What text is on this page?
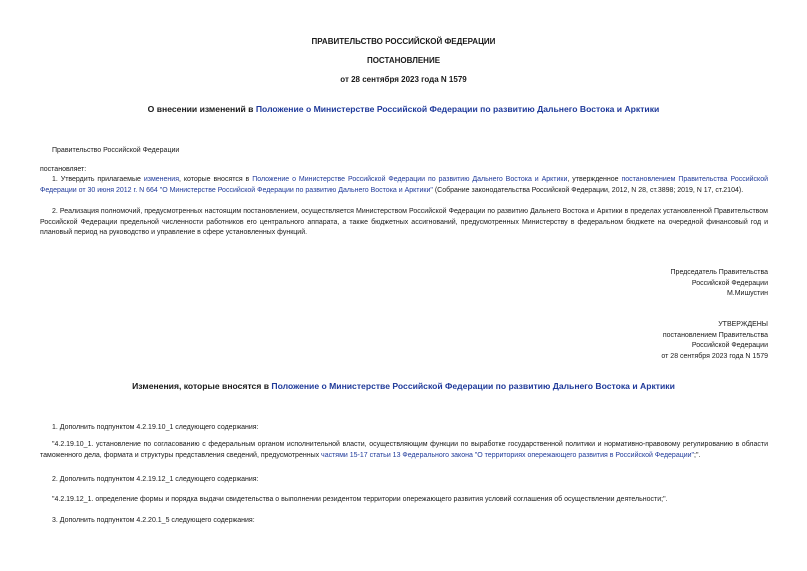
ПРАВИТЕЛЬСТВО РОССИЙСКОЙ ФЕДЕРАЦИИ
ПОСТАНОВЛЕНИЕ
от 28 сентября 2023 года N 1579
О внесении изменений в Положение о Министерстве Российской Федерации по развитию Дальнего Востока и Арктики
Правительство Российской Федерации
постановляет:
1. Утвердить прилагаемые изменения, которые вносятся в Положение о Министерстве Российской Федерации по развитию Дальнего Востока и Арктики, утвержденное постановлением Правительства Российской Федерации от 30 июня 2012 г. N 664 "О Министерстве Российской Федерации по развитию Дальнего Востока и Арктики" (Собрание законодательства Российской Федерации, 2012, N 28, ст.3898; 2019, N 17, ст.2104).
2. Реализация полномочий, предусмотренных настоящим постановлением, осуществляется Министерством Российской Федерации по развитию Дальнего Востока и Арктики в пределах установленной Правительством Российской Федерации предельной численности работников его центрального аппарата, а также бюджетных ассигнований, предусмотренных Министерству в федеральном бюджете на очередной финансовый год и плановый период на руководство и управление в сфере установленных функций.
Председатель Правительства
Российской Федерации
М.Мишустин
УТВЕРЖДЕНЫ
постановлением Правительства
Российской Федерации
от 28 сентября 2023 года N 1579
Изменения, которые вносятся в Положение о Министерстве Российской Федерации по развитию Дальнего Востока и Арктики
1. Дополнить подпунктом 4.2.19.10_1 следующего содержания:
"4.2.19.10_1. установление по согласованию с федеральным органом исполнительной власти, осуществляющим функции по выработке государственной политики и нормативно-правовому регулированию в области таможенного дела, формата и структуры представления сведений, предусмотренных частями 15-17 статьи 13 Федерального закона "О территориях опережающего развития в Российской Федерации";".
2. Дополнить подпунктом 4.2.19.12_1 следующего содержания:
"4.2.19.12_1. определение формы и порядка выдачи свидетельства о выполнении резидентом территории опережающего развития условий соглашения об осуществлении деятельности;".
3. Дополнить подпунктом 4.2.20.1_5 следующего содержания:
